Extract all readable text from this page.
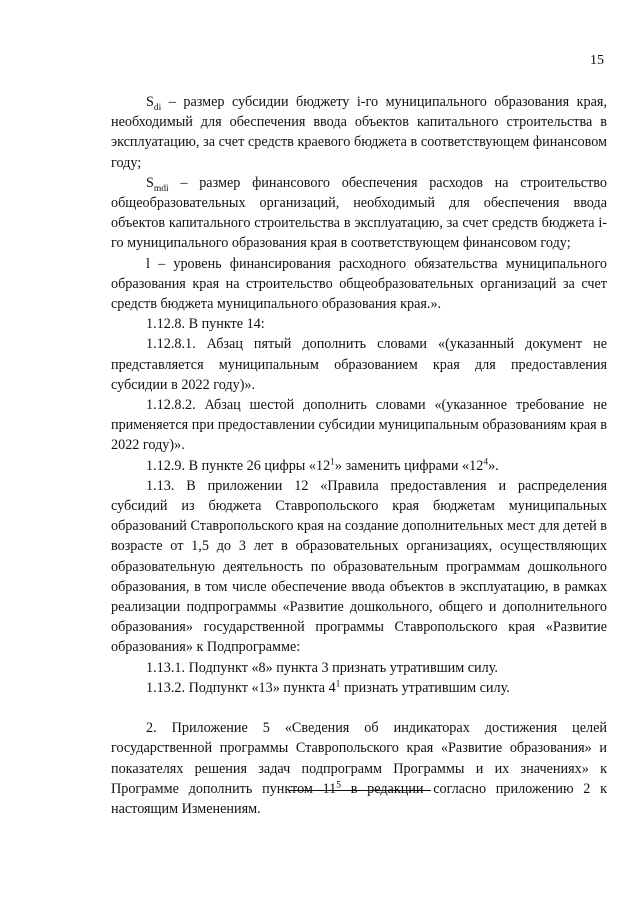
15

$S_{di}$ – размер субсидии бюджету i-го муниципального образования края, необходимый для обеспечения ввода объектов капитального строительства в эксплуатацию, за счет средств краевого бюджета в соответствующем финансовом году;

$S_{mdi}$ – размер финансового обеспечения расходов на строительство общеобразовательных организаций, необходимый для обеспечения ввода объектов капитального строительства в эксплуатацию, за счет средств бюджета i-го муниципального образования края в соответствующем финансовом году;

l – уровень финансирования расходного обязательства муниципального образования края на строительство общеобразовательных организаций за счет средств бюджета муниципального образования края.».

1.12.8. В пункте 14:

1.12.8.1. Абзац пятый дополнить словами «(указанный документ не представляется муниципальным образованием края для предоставления субсидии в 2022 году)».

1.12.8.2. Абзац шестой дополнить словами «(указанное требование не применяется при предоставлении субсидии муниципальным образованиям края в 2022 году)».

1.12.9. В пункте 26 цифры «$12^1$» заменить цифрами «$12^4$».

1.13. В приложении 12 «Правила предоставления и распределения субсидий из бюджета Ставропольского края бюджетам муниципальных образований Ставропольского края на создание дополнительных мест для детей в возрасте от 1,5 до 3 лет в образовательных организациях, осуществляющих образовательную деятельность по образовательным программам дошкольного образования, в том числе обеспечение ввода объектов в эксплуатацию, в рамках реализации подпрограммы «Развитие дошкольного, общего и дополнительного образования» государственной программы Ставропольского края «Развитие образования» к Подпрограмме:

1.13.1. Подпункт «8» пункта 3 признать утратившим силу.

1.13.2. Подпункт «13» пункта $4^1$ признать утратившим силу.

2. Приложение 5 «Сведения об индикаторах достижения целей государственной программы Ставропольского края «Развитие образования» и показателях решения задач подпрограмм Программы и их значениях» к Программе дополнить пунктом $11^5$ в редакции согласно приложению 2 к настоящим Изменениям.
